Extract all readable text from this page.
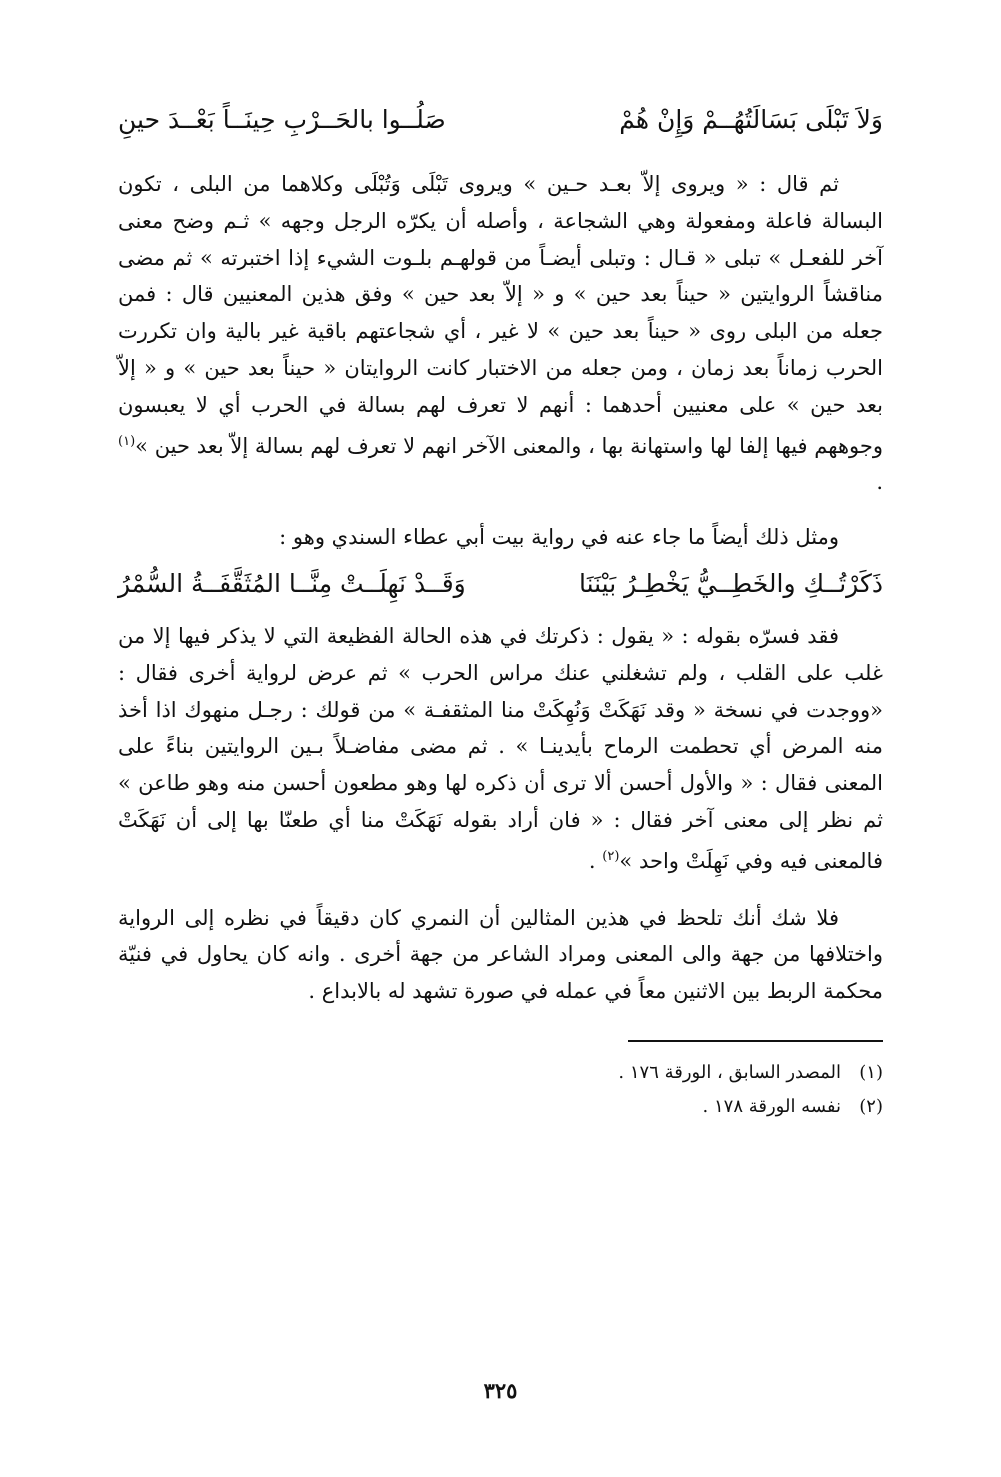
وَلاَ تَبْلَى بَسَالَتُهُــمْ وَإِنْ هُمْ
صَلُــوا بالحَــرْبِ حِينَــاً بَعْــدَ حينِ

ثم قال : « ويروى إلاّ بعـد حـين » ويروى تَبْلَى وَتُبْلَى وكلاهما من البلى ، تكون البسالة فاعلة ومفعولة وهي الشجاعة ، وأصله أن يكرّه الرجل وجهه » ثـم وضح معنى آخر للفعـل » تبلى « قـال : وتبلى أيضـاً من قولهـم بلـوت الشيء إذا اختبرته » ثم مضى مناقشاً الروايتين « حيناً بعد حين » و « إلاّ بعد حين » وفق هذين المعنيين قال : فمن جعله من البلى روى « حيناً بعد حين » لا غير ، أي شجاعتهم باقية غير بالية وان تكررت الحرب زماناً بعد زمان ، ومن جعله من الاختبار كانت الروايتان « حيناً بعد حين » و « إلاّ بعد حين » على معنيين أحدهما : أنهم لا تعرف لهم بسالة في الحرب أي لا يعبسون وجوههم فيها إلفا لها واستهانة بها ، والمعنى الآخر انهم لا تعرف لهم بسالة إلاّ بعد حين »$^{(١)}$ .

ومثل ذلك أيضاً ما جاء عنه في رواية بيت أبي عطاء السندي وهو :

ذَكَرْتُــكِ والخَطِــيُّ يَخْطِـرُ بَيْنَنَا
وَقَــدْ نَهِلَــتْ مِنَّــا المُثَقَّفَــةُ السُّمْرُ

فقد فسرّه بقوله : « يقول : ذكرتك في هذه الحالة الفظيعة التي لا يذكر فيها إلا من غلب على القلب ، ولم تشغلني عنك مراس الحرب » ثم عرض لرواية أخرى فقال : «ووجدت في نسخة « وقد نَهَكَتْ وَنُهِكَتْ منا المثقفـة » من قولك : رجـل منهوك اذا أخذ منه المرض أي تحطمت الرماح بأيدينـا » . ثم مضى مفاضـلاً بـين الروايتين بناءً على المعنى فقال : « والأول أحسن ألا ترى أن ذكره لها وهو مطعون أحسن منه وهو طاعن » ثم نظر إلى معنى آخر فقال : « فان أراد بقوله نَهَكَتْ منا أي طعنّا بها إلى أن نَهَكَتْ فالمعنى فيه وفي نَهِلَتْ واحد »$^{(٢)}$ .

فلا شك أنك تلحظ في هذين المثالين أن النمري كان دقيقاً في نظره إلى الرواية واختلافها من جهة والى المعنى ومراد الشاعر من جهة أخرى . وانه كان يحاول في فنيّة محكمة الربط بين الاثنين معاً في عمله في صورة تشهد له بالابداع .

(١)
المصدر السابق ، الورقة ١٧٦ .
(٢)
نفسه الورقة ١٧٨ .
٣٢٥
